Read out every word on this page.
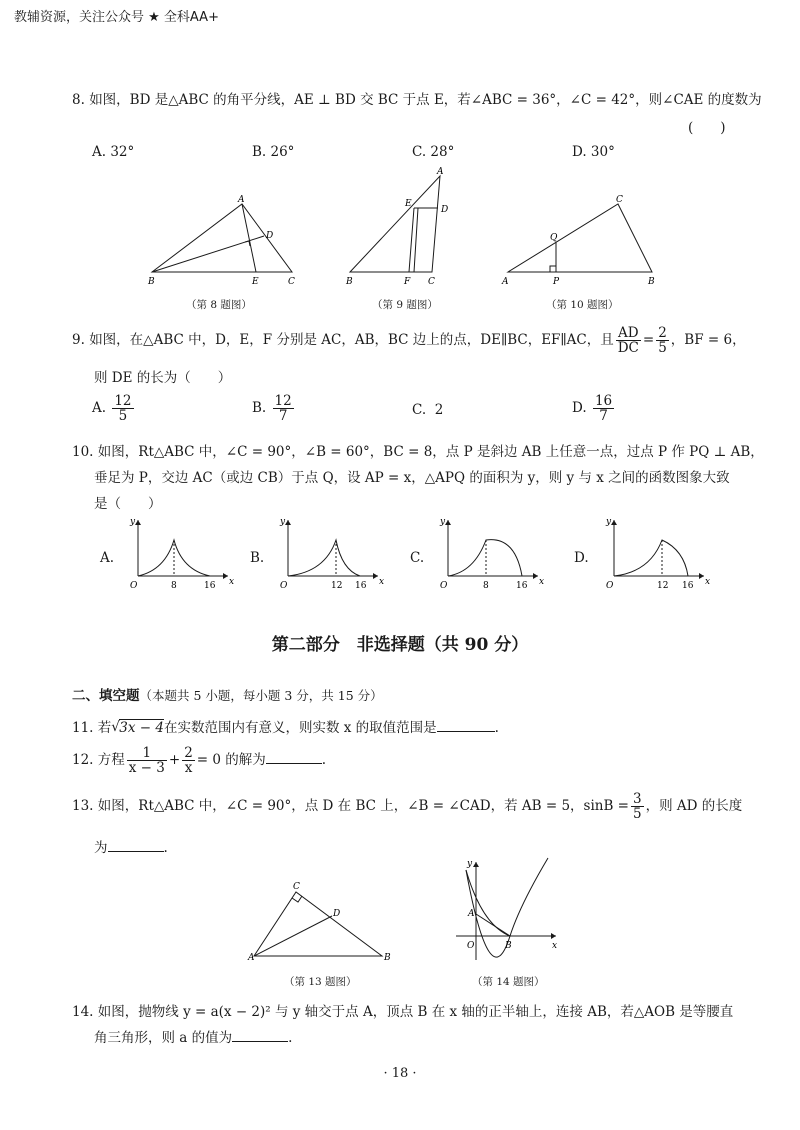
教辅资源，关注公众号 ★ 全科AA+
8. 如图，BD 是△ABC 的角平分线，AE ⊥ BD 交 BC 于点 E，若∠ABC = 36°，∠C = 42°，则∠CAE 的度数为
(　　)
A. 32°	B. 26°	C. 28°	D. 30°
A
B	C
D
E
（第 8 题图）
A
B	C
D
E
F
（第 9 题图）
A	B
C
P
Q
（第 10 题图）
9. 如图，在△ABC 中，D，E，F 分别是 AC，AB，BC 边上的点，DE∥BC，EF∥AC，且 $\frac{AD}{DC} = \frac{2}{5}$ ，BF = 6，
则 DE 的长为（　　）
A. $\frac{12}{5}$	B. $\frac{12}{7}$	C. 2	D. $\frac{16}{7}$
10. 如图，Rt△ABC 中，∠C = 90°，∠B = 60°，BC = 8，点 P 是斜边 AB 上任意一点，过点 P 作 PQ ⊥ AB，
垂足为 P，交边 AC（或边 CB）于点 Q，设 AP = x，△APQ 的面积为 y，则 y 与 x 之间的函数图象大致
是（　　）
y
x
O	8	16
y
x
O	12 16
y
x
O	8	16
y
x
O	12 16
A.	B.	C.	D.
第二部分　非选择题（共 90 分）
二、填空题（本题共 5 小题，每小题 3 分，共 15 分）
11. 若 √ 3x − 4在实数范围内有意义，则实数 x 的取值范围是	.
12. 方程 $\frac{1}{x - 3} + \frac{2}{x} = 0$ 的解为	.
13. 如图，Rt△ABC 中，∠C = 90°，点 D 在 BC 上，∠B = ∠CAD，若 AB = 5，$\sin B = \frac{3}{5}$ ，则 AD 的长度
为	.
A	B
C
D
（第 13 题图）
y
x
O
A
B
（第 14 题图）
14. 如图，抛物线 y = a(x − 2)² 与 y 轴交于点 A，顶点 B 在 x 轴的正半轴上，连接 AB，若△AOB 是等腰直
角三角形，则 a 的值为	.
· 18 ·
